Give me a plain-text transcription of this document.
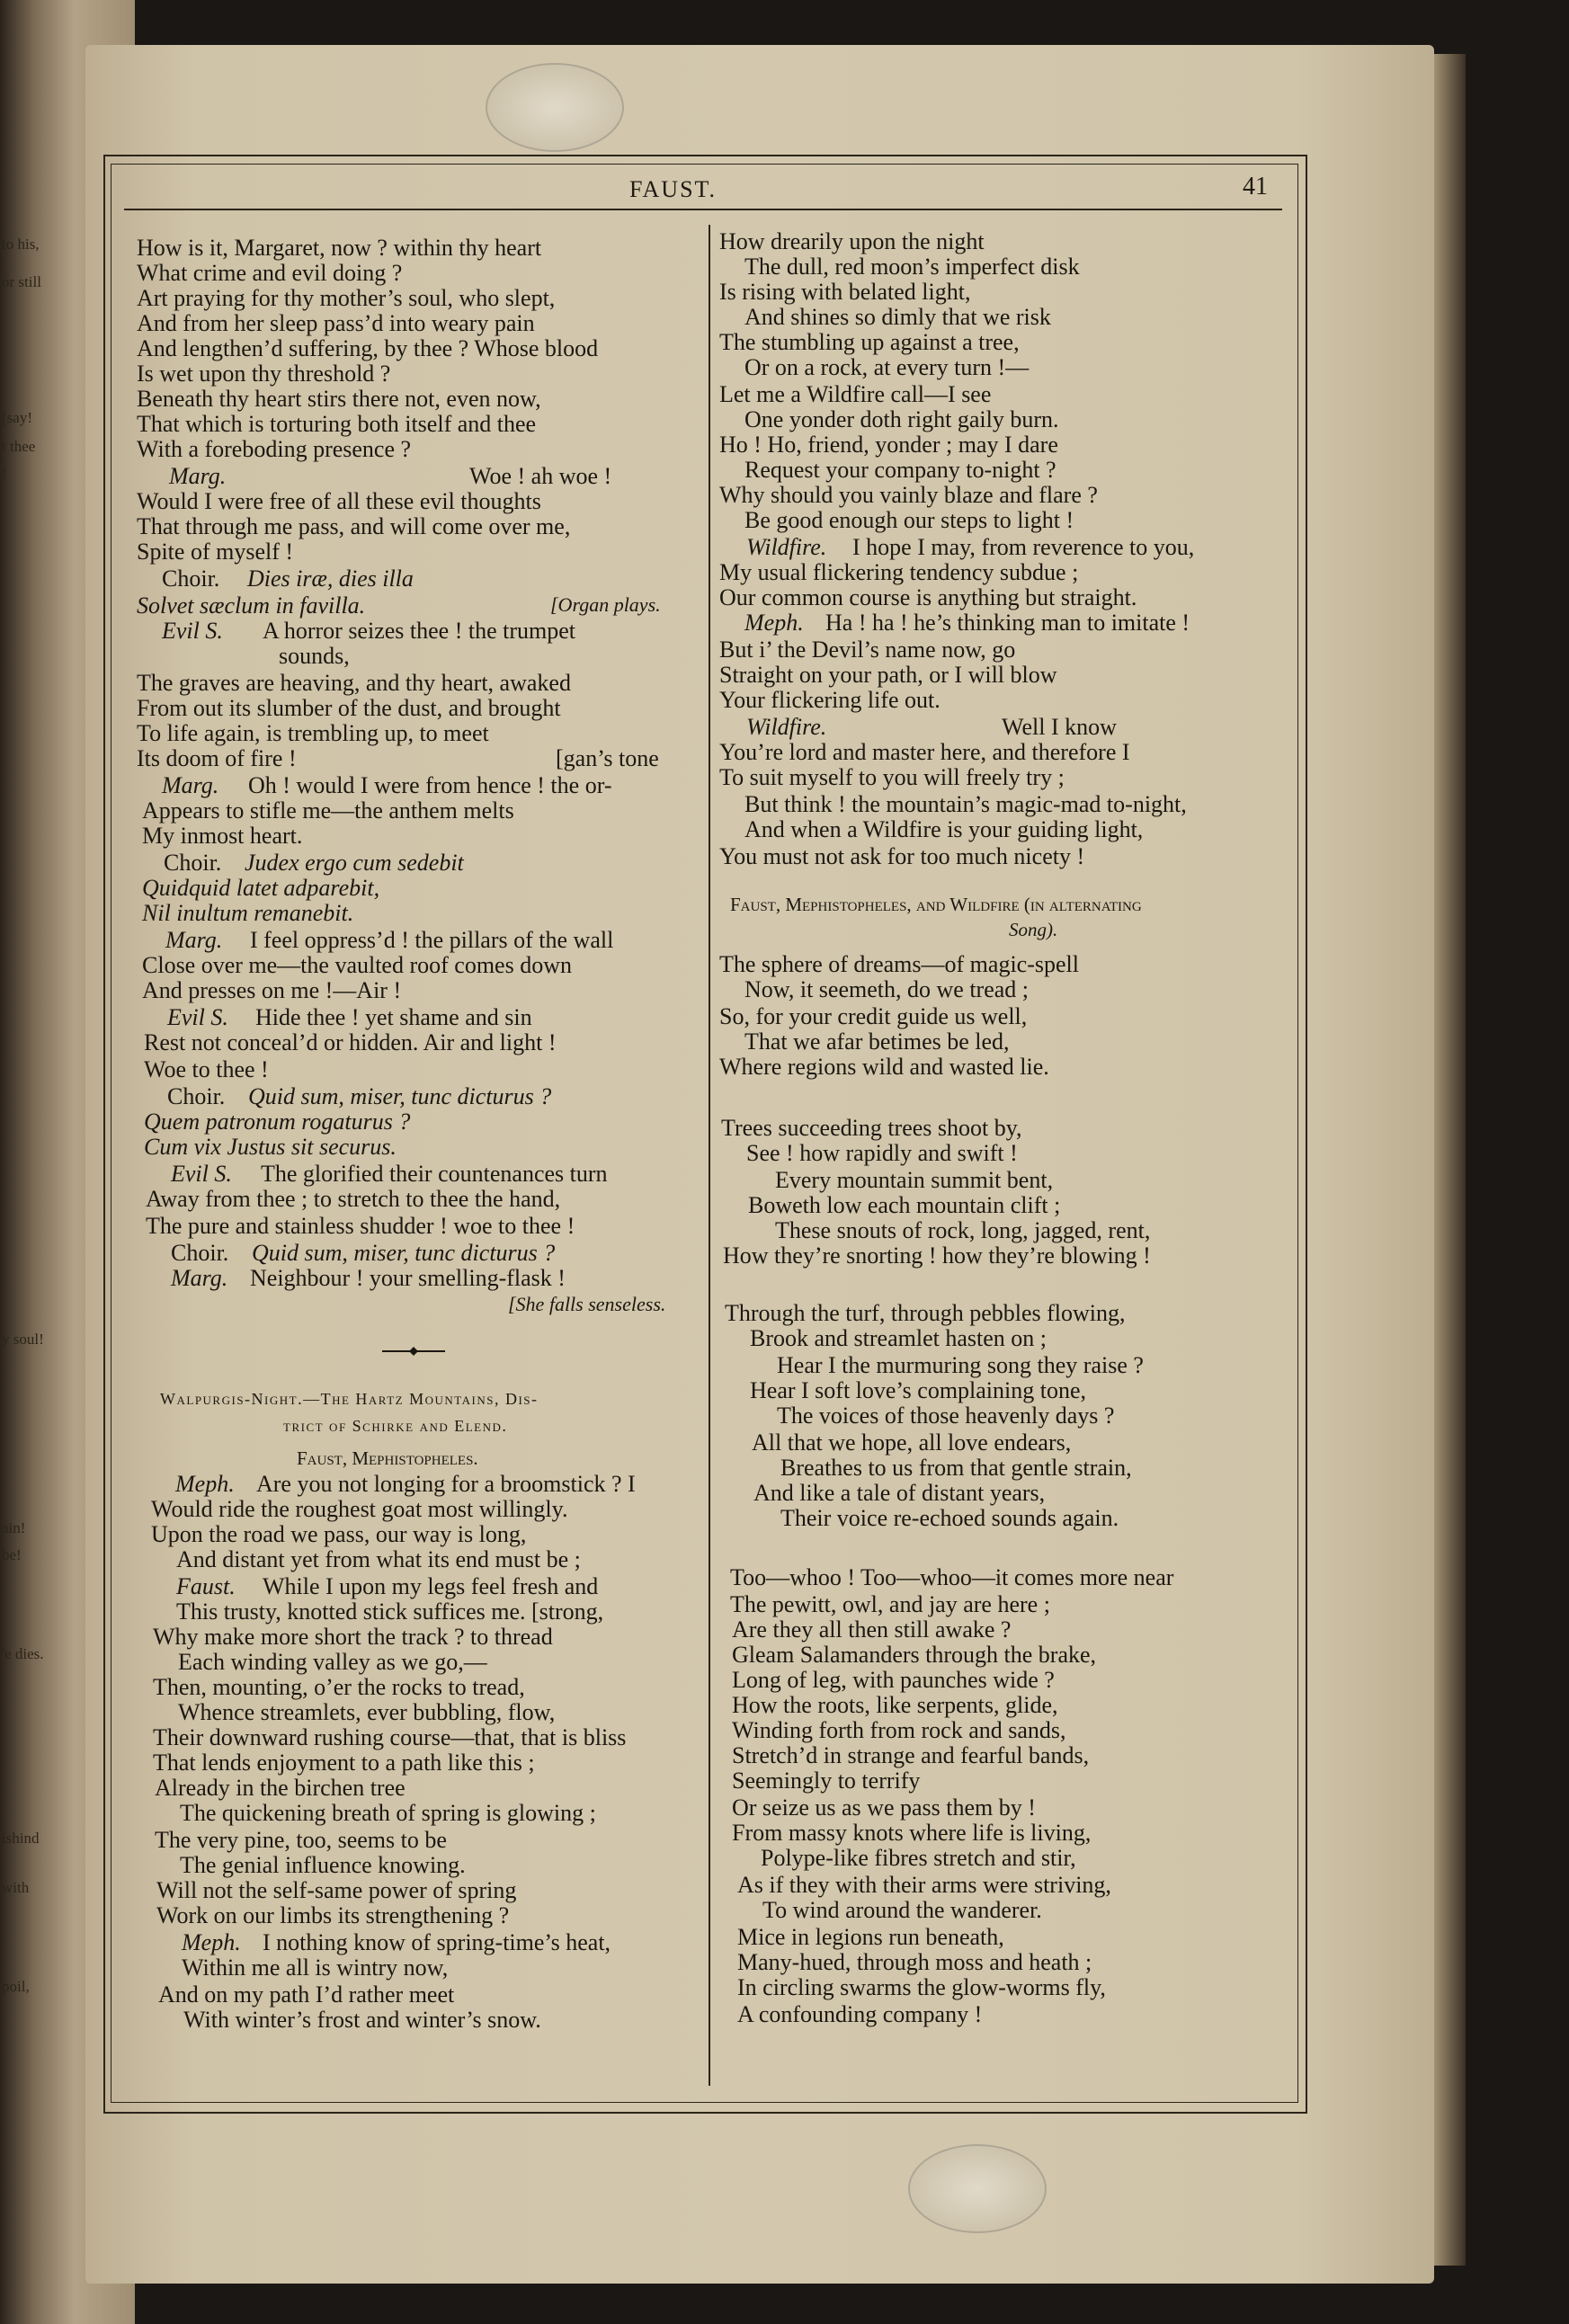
to his,
or still
[say!
t thee
!
y soul!
ain!
be!
'e dies.
ishind
with
poil,
FAUST.	41
How is it, Margaret, now ? within thy heart
What crime and evil doing ?
Art praying for thy mother’s soul, who slept,
And from her sleep pass’d into weary pain
And lengthen’d suffering, by thee ? Whose blood
Is wet upon thy threshold ?
Beneath thy heart stirs there not, even now,
That which is torturing both itself and thee
With a foreboding presence ?
Marg.	Woe ! ah woe !
Would I were free of all these evil thoughts
That through me pass, and will come over me,
Spite of myself !
Choir. Dies iræ, dies illa
Solvet sæclum in favilla.	[Organ plays.
Evil S. A horror seizes thee ! the trumpet
sounds,
The graves are heaving, and thy heart, awaked
From out its slumber of the dust, and brought
To life again, is trembling up, to meet
Its doom of fire !	[gan’s tone
Marg. Oh ! would I were from hence ! the or-
Appears to stifle me—the anthem melts
My inmost heart.
Choir. Judex ergo cum sedebit
Quidquid latet adparebit,
Nil inultum remanebit.
Marg. I feel oppress’d ! the pillars of the wall
Close over me—the vaulted roof comes down
And presses on me !—Air !
Evil S. Hide thee ! yet shame and sin
Rest not conceal’d or hidden. Air and light !
Woe to thee !
Choir. Quid sum, miser, tunc dicturus ?
Quem patronum rogaturus ?
Cum vix Justus sit securus.
Evil S. The glorified their countenances turn
Away from thee ; to stretch to thee the hand,
The pure and stainless shudder ! woe to thee !
Choir. Quid sum, miser, tunc dicturus ?
Marg. Neighbour ! your smelling-flask !
[She falls senseless.
Walpurgis-Night.—The Hartz Mountains, Dis-
trict of Schirke and Elend.
Faust, Mephistopheles.
Meph. Are you not longing for a broomstick ? I
Would ride the roughest goat most willingly.
Upon the road we pass, our way is long,
And distant yet from what its end must be ;
Faust. While I upon my legs feel fresh and
This trusty, knotted stick suffices me. [strong,
Why make more short the track ? to thread
Each winding valley as we go,—
Then, mounting, o’er the rocks to tread,
Whence streamlets, ever bubbling, flow,
Their downward rushing course—that, that is bliss
That lends enjoyment to a path like this ;
Already in the birchen tree
The quickening breath of spring is glowing ;
The very pine, too, seems to be
The genial influence knowing.
Will not the self-same power of spring
Work on our limbs its strengthening ?
Meph. I nothing know of spring-time’s heat,
Within me all is wintry now,
And on my path I’d rather meet
With winter’s frost and winter’s snow.
How drearily upon the night
The dull, red moon’s imperfect disk
Is rising with belated light,
And shines so dimly that we risk
The stumbling up against a tree,
Or on a rock, at every turn !—
Let me a Wildfire call—I see
One yonder doth right gaily burn.
Ho ! Ho, friend, yonder ; may I dare
Request your company to-night ?
Why should you vainly blaze and flare ?
Be good enough our steps to light !
Wildfire. I hope I may, from reverence to you,
My usual flickering tendency subdue ;
Our common course is anything but straight.
Meph. Ha ! ha ! he’s thinking man to imitate !
But i’ the Devil’s name now, go
Straight on your path, or I will blow
Your flickering life out.
Wildfire.	Well I know
You’re lord and master here, and therefore I
To suit myself to you will freely try ;
But think ! the mountain’s magic-mad to-night,
And when a Wildfire is your guiding light,
You must not ask for too much nicety !
Faust, Mephistopheles, and Wildfire (in alternating
Song).
The sphere of dreams—of magic-spell
Now, it seemeth, do we tread ;
So, for your credit guide us well,
That we afar betimes be led,
Where regions wild and wasted lie.
Trees succeeding trees shoot by,
See ! how rapidly and swift !
Every mountain summit bent,
Boweth low each mountain clift ;
These snouts of rock, long, jagged, rent,
How they’re snorting ! how they’re blowing !
Through the turf, through pebbles flowing,
Brook and streamlet hasten on ;
Hear I the murmuring song they raise ?
Hear I soft love’s complaining tone,
The voices of those heavenly days ?
All that we hope, all love endears,
Breathes to us from that gentle strain,
And like a tale of distant years,
Their voice re-echoed sounds again.
Too—whoo ! Too—whoo—it comes more near
The pewitt, owl, and jay are here ;
Are they all then still awake ?
Gleam Salamanders through the brake,
Long of leg, with paunches wide ?
How the roots, like serpents, glide,
Winding forth from rock and sands,
Stretch’d in strange and fearful bands,
Seemingly to terrify
Or seize us as we pass them by !
From massy knots where life is living,
Polype-like fibres stretch and stir,
As if they with their arms were striving,
To wind around the wanderer.
Mice in legions run beneath,
Many-hued, through moss and heath ;
In circling swarms the glow-worms fly,
A confounding company !
